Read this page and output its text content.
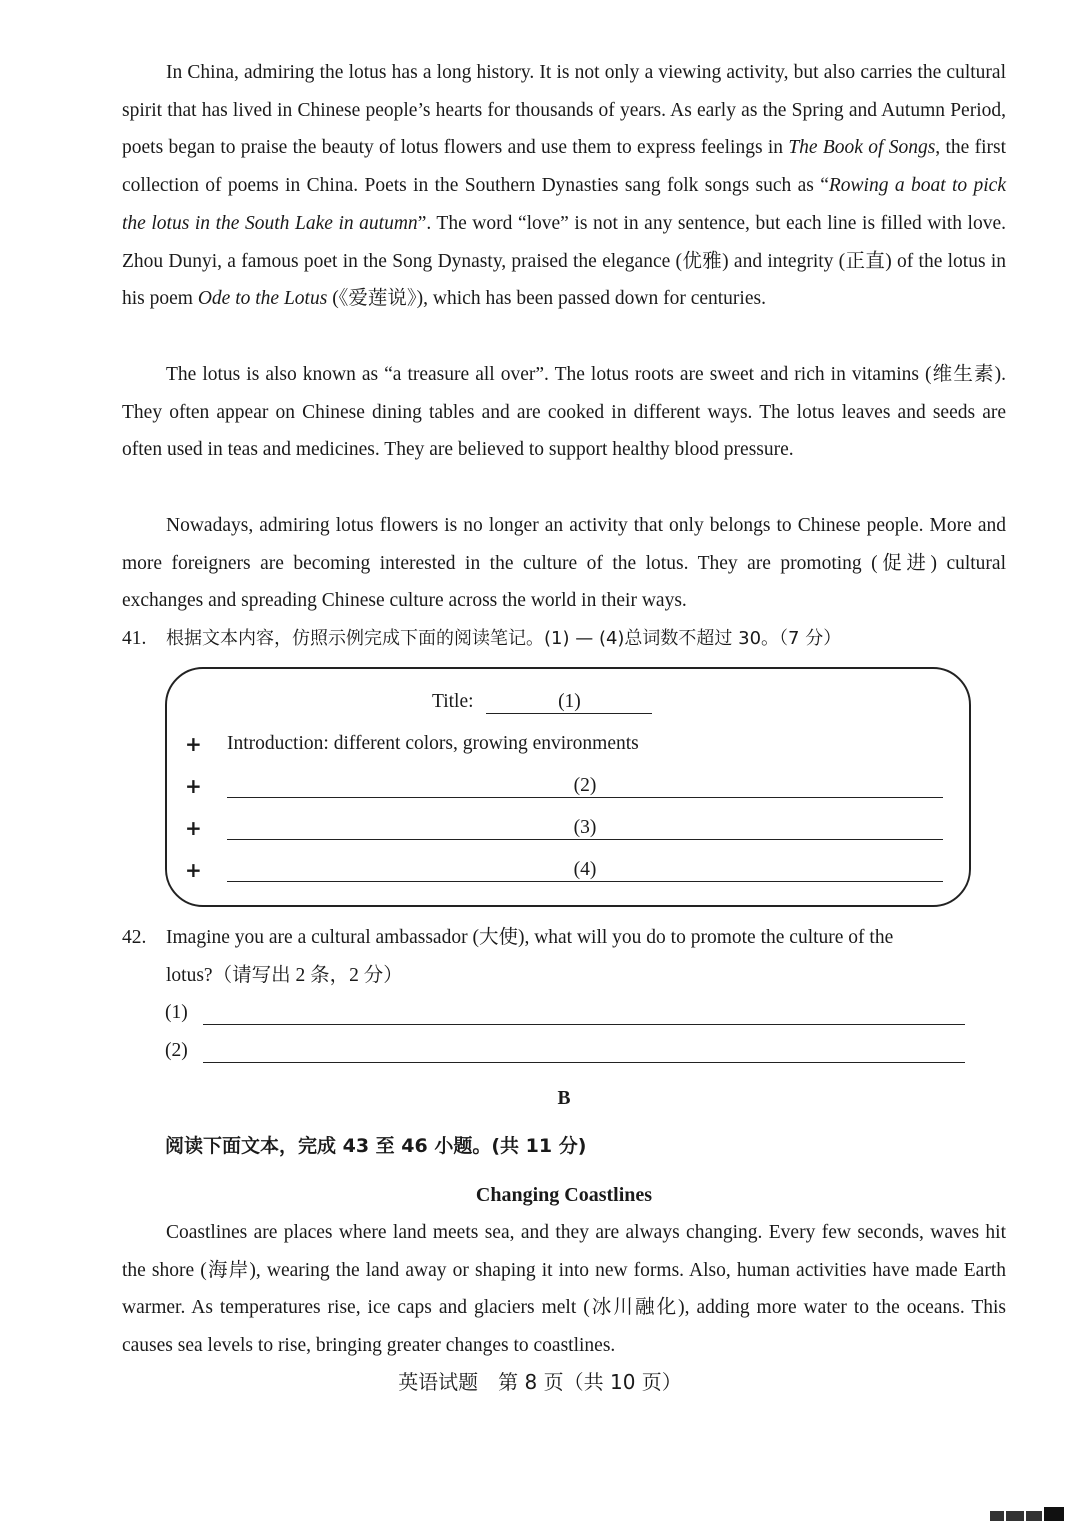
In China, admiring the lotus has a long history. It is not only a viewing activity, but also carries the cultural spirit that has lived in Chinese people’s hearts for thousands of years. As early as the Spring and Autumn Period, poets began to praise the beauty of lotus flowers and use them to express feelings in The Book of Songs, the first collection of poems in China. Poets in the Southern Dynasties sang folk songs such as “Rowing a boat to pick the lotus in the South Lake in autumn”. The word “love” is not in any sentence, but each line is filled with love. Zhou Dunyi, a famous poet in the Song Dynasty, praised the elegance (优雅) and integrity (正直) of the lotus in his poem Ode to the Lotus (《爱莲说》), which has been passed down for centuries.

The lotus is also known as “a treasure all over”. The lotus roots are sweet and rich in vitamins (维生素). They often appear on Chinese dining tables and are cooked in different ways. The lotus leaves and seeds are often used in teas and medicines. They are believed to support healthy blood pressure.

Nowadays, admiring lotus flowers is no longer an activity that only belongs to Chinese people. More and more foreigners are becoming interested in the culture of the lotus. They are promoting (促进) cultural exchanges and spreading Chinese culture across the world in their ways.

41. 根据文本内容，仿照示例完成下面的阅读笔记。(1) — (4)总词数不超过 30。（7 分）

Title:	(1)
+ Introduction: different colors, growing environments
+	(2)
+	(3)
+	(4)

42. Imagine you are a cultural ambassador (大使), what will you do to promote the culture of the

lotus?（请写出 2 条，2 分）

(1)
(2)
B
阅读下面文本，完成 43 至 46 小题。(共 11 分)
Changing Coastlines

Coastlines are places where land meets sea, and they are always changing. Every few seconds, waves hit the shore (海岸), wearing the land away or shaping it into new forms. Also, human activities have made Earth warmer. As temperatures rise, ice caps and glaciers melt (冰川融化), adding more water to the oceans. This causes sea levels to rise, bringing greater changes to coastlines.

英语试题　第 8 页（共 10 页）
